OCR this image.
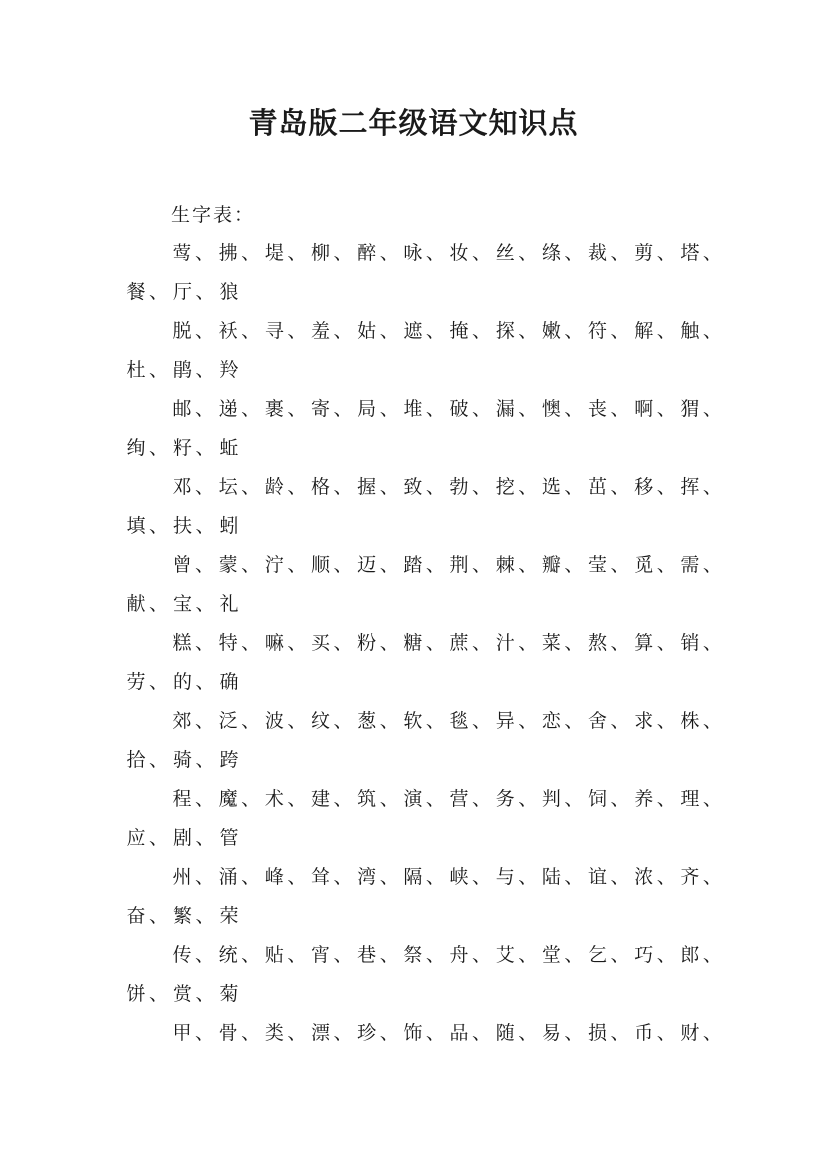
青岛版二年级语文知识点
生字表：
莺 、 拂 、 堤 、 柳 、 醉 、 咏 、 妆 、 丝 、 绦 、 裁 、 剪 、 塔 、
餐 、 厅 、 狼
脱 、 袄 、 寻 、 羞 、 姑 、 遮 、 掩 、 探 、 嫩 、 符 、 解 、 触 、
杜 、 鹃 、 羚
邮 、 递 、 裹 、 寄 、 局 、 堆 、 破 、 漏 、 懊 、 丧 、 啊 、 猬 、
绚 、 籽 、 蚯
邓 、 坛 、 龄 、 格 、 握 、 致 、 勃 、 挖 、 选 、 茁 、 移 、 挥 、
填 、 扶 、 蚓
曾 、 蒙 、 泞 、 顺 、 迈 、 踏 、 荆 、 棘 、 瓣 、 莹 、 觅 、 需 、
献 、 宝 、 礼
糕 、 特 、 嘛 、 买 、 粉 、 糖 、 蔗 、 汁 、 菜 、 熬 、 算 、 销 、
劳 、 的 、 确
郊 、 泛 、 波 、 纹 、 葱 、 软 、 毯 、 异 、 恋 、 舍 、 求 、 株 、
拾 、 骑 、 跨
程 、 魔 、 术 、 建 、 筑 、 演 、 营 、 务 、 判 、 饲 、 养 、 理 、
应 、 剧 、 管
州 、 涌 、 峰 、 耸 、 湾 、 隔 、 峡 、 与 、 陆 、 谊 、 浓 、 齐 、
奋 、 繁 、 荣
传 、 统 、 贴 、 宵 、 巷 、 祭 、 舟 、 艾 、 堂 、 乞 、 巧 、 郎 、
饼 、 赏 、 菊
甲 、 骨 、 类 、 漂 、 珍 、 饰 、 品 、 随 、 易 、 损 、 币 、 财 、
